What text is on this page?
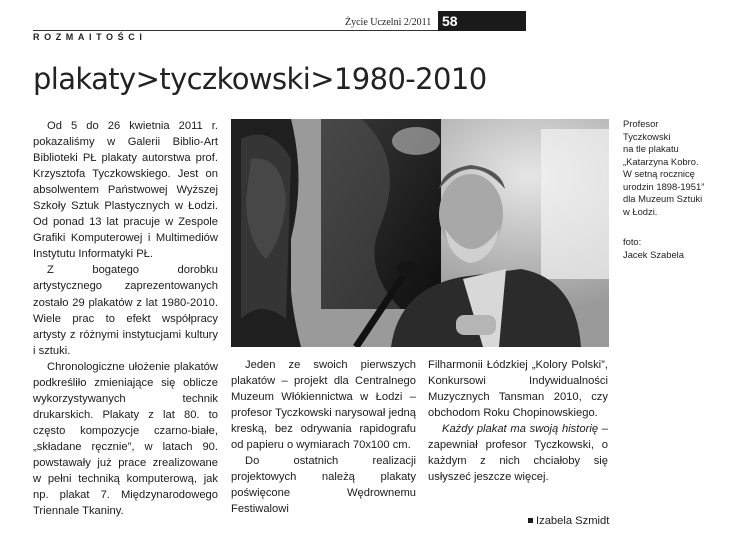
Życie Uczelni 2/2011 58
ROZMAITOŚCI
plakaty>tyczkowski>1980-2010

Od 5 do 26 kwietnia 2011 r. pokazaliśmy w Galerii Biblio-Art Biblioteki PŁ plakaty autorstwa prof. Krzysztofa Tyczkowskiego. Jest on absolwentem Państwowej Wyższej Szkoły Sztuk Plastycznych w Łodzi. Od ponad 13 lat pracuje w Zespole Grafiki Komputerowej i Multimediów Instytutu Informatyki PŁ.

Z bogatego dorobku artystycznego zaprezentowanych zostało 29 plakatów z lat 1980-2010. Wiele prac to efekt współpracy artysty z różnymi instytucjami kultury i sztuki.

Chronologiczne ułożenie plakatów podkreśliło zmieniające się oblicze wykorzystywanych technik drukarskich. Plakaty z lat 80. to często kompozycje czarno-białe, „składane ręcznie”, w latach 90. powstawały już prace zrealizowane w pełni techniką komputerową, jak np. plakat 7. Międzynarodowego Triennale Tkaniny.

Profesor
Tyczkowski
na tle plakatu
„Katarzyna Kobro.
W setną rocznicę
urodzin 1898-1951”
dla Muzeum Sztuki
w Łodzi.
foto:
Jacek Szabela

Jeden ze swoich pierwszych plakatów – projekt dla Centralnego Muzeum Włókiennictwa w Łodzi – profesor Tyczkowski narysował jedną kreską, bez odrywania rapidografu od papieru o wymiarach 70x100 cm.

Do ostatnich realizacji projektowych należą plakaty poświęcone Wędrownemu Festiwalowi

Filharmonii Łódzkiej „Kolory Polski”, Konkursowi Indywidualności Muzycznych Tansman 2010, czy obchodom Roku Chopinowskiego.

Każdy plakat ma swoją historię – zapewniał profesor Tyczkowski, o każdym z nich chciałoby się usłyszeć jeszcze więcej.

Izabela Szmidt
